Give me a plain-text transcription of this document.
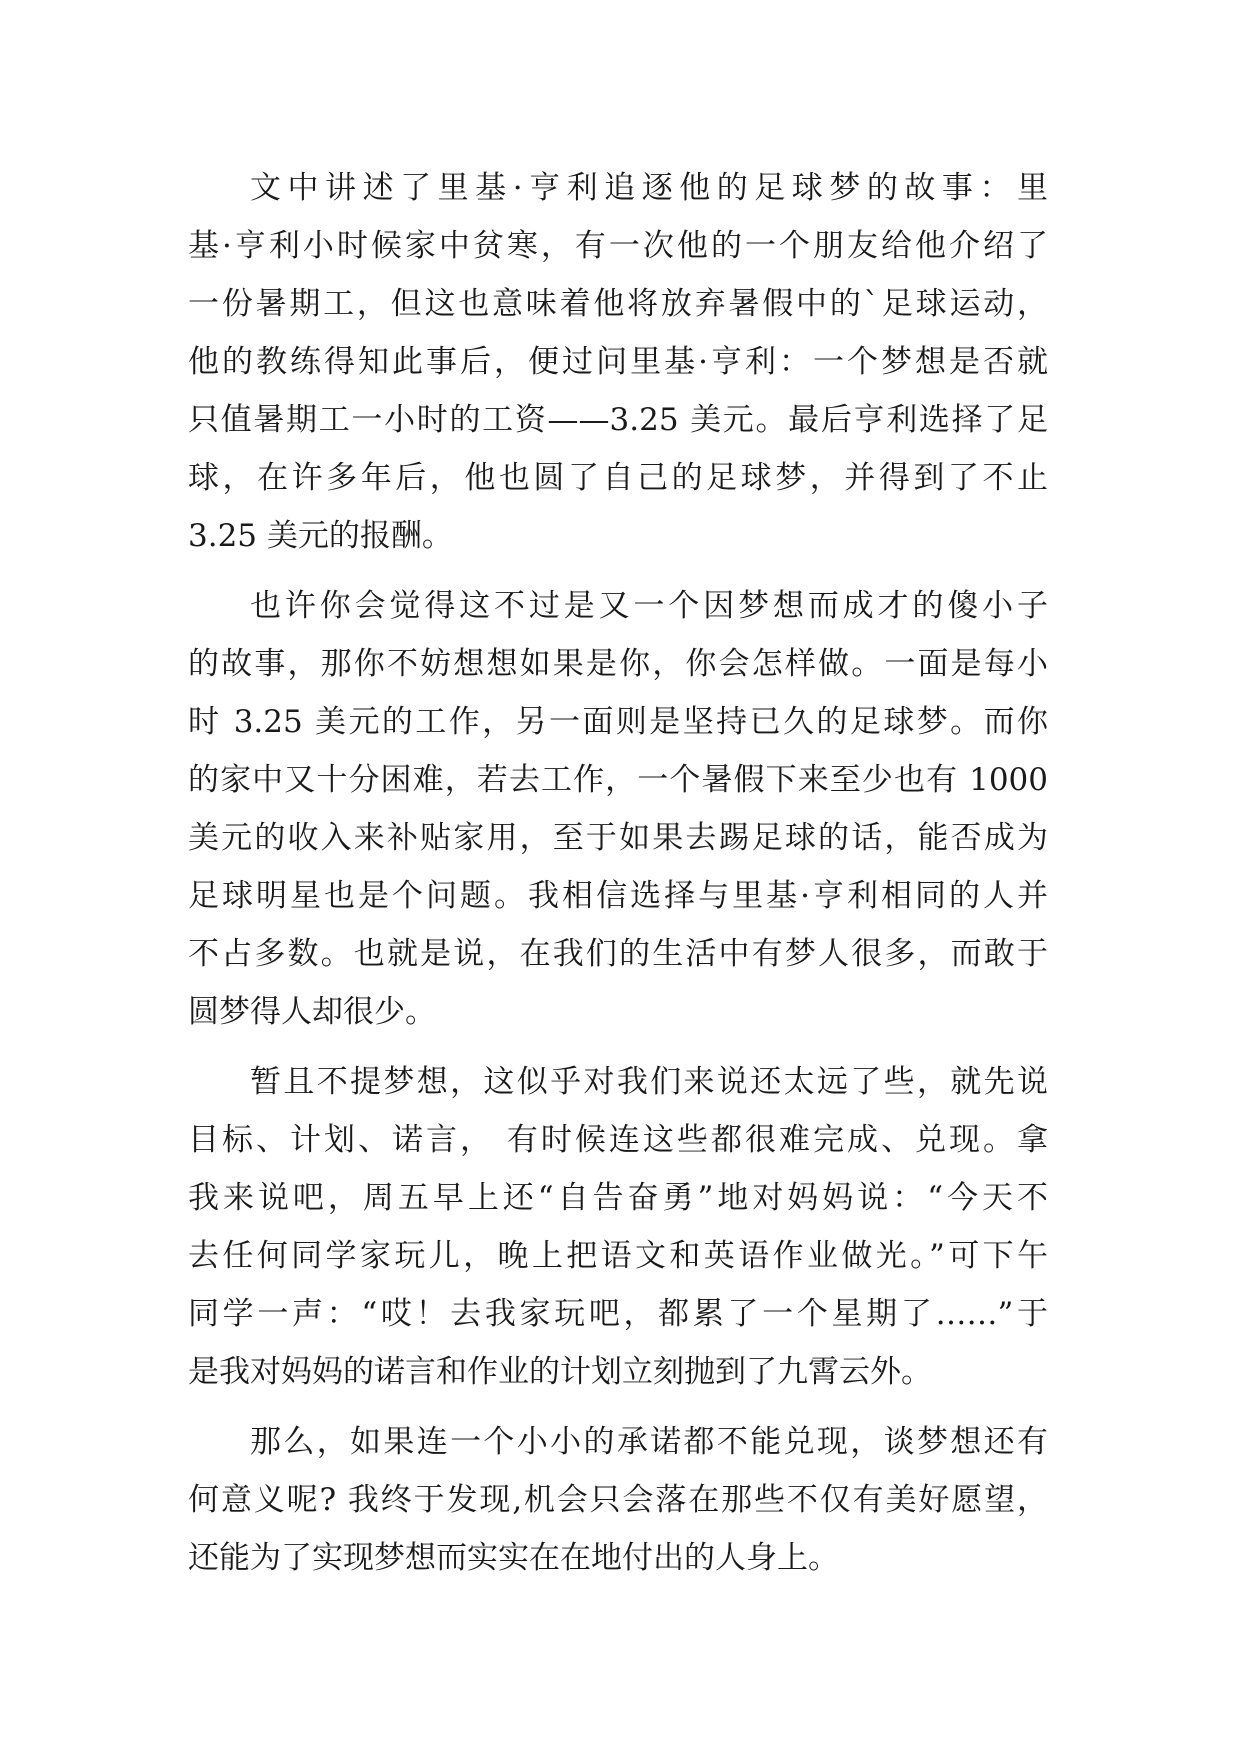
文中讲述了里基·亨利追逐他的足球梦的故事：里
基·亨利小时候家中贫寒，有一次他的一个朋友给他介绍了
一份暑期工，但这也意味着他将放弃暑假中的`足球运动，
他的教练得知此事后，便过问里基·亨利：一个梦想是否就
只值暑期工一小时的工资——3.25 美元。最后亨利选择了足
球，在许多年后，他也圆了自己的足球梦，并得到了不止
3.25 美元的报酬。
也许你会觉得这不过是又一个因梦想而成才的傻小子
的故事，那你不妨想想如果是你，你会怎样做。一面是每小
时 3.25 美元的工作，另一面则是坚持已久的足球梦。而你
的家中又十分困难，若去工作，一个暑假下来至少也有 1000
美元的收入来补贴家用，至于如果去踢足球的话，能否成为
足球明星也是个问题。我相信选择与里基·亨利相同的人并
不占多数。也就是说，在我们的生活中有梦人很多，而敢于
圆梦得人却很少。
暂且不提梦想，这似乎对我们来说还太远了些，就先说
目标、计划、诺言， 有时候连这些都很难完成、兑现。拿
我来说吧，周五早上还“自告奋勇”地对妈妈说：“今天不
去任何同学家玩儿，晚上把语文和英语作业做光。”可下午
同学一声：“哎！去我家玩吧，都累了一个星期了……”于
是我对妈妈的诺言和作业的计划立刻抛到了九霄云外。
那么，如果连一个小小的承诺都不能兑现，谈梦想还有
何意义呢? 我终于发现,机会只会落在那些不仅有美好愿望，
还能为了实现梦想而实实在在地付出的人身上。
